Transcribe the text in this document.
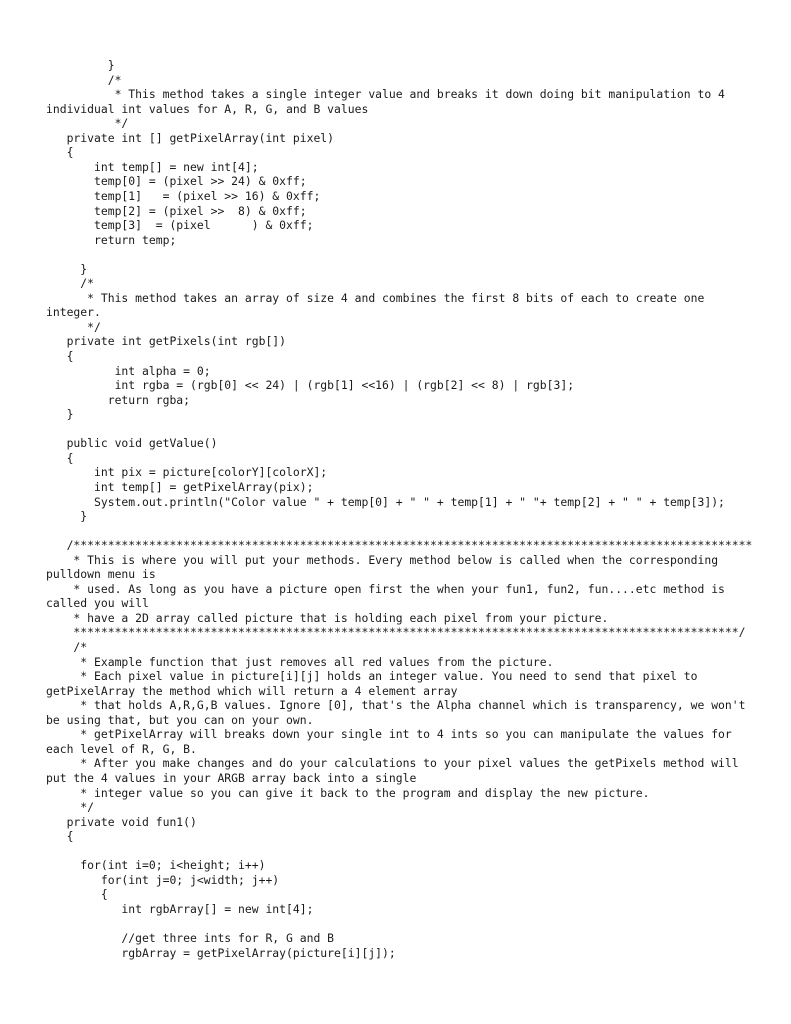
}
/*
* This method takes a single integer value and breaks it down doing bit manipulation to 4
individual int values for A, R, G, and B values
*/
private int [] getPixelArray(int pixel)
{
int temp[] = new int[4];
temp[0] = (pixel >> 24) & 0xff;
temp[1]   = (pixel >> 16) & 0xff;
temp[2] = (pixel >>  8) & 0xff;
temp[3]  = (pixel      ) & 0xff;
return temp;
}
/*
* This method takes an array of size 4 and combines the first 8 bits of each to create one
integer.
*/
private int getPixels(int rgb[])
{
int alpha = 0;
int rgba = (rgb[0] << 24) | (rgb[1] <<16) | (rgb[2] << 8) | rgb[3];
return rgba;
}
public void getValue()
{
int pix = picture[colorY][colorX];
int temp[] = getPixelArray(pix);
System.out.println("Color value " + temp[0] + " " + temp[1] + " "+ temp[2] + " " + temp[3]);
}
/***************************************************************************************************
* This is where you will put your methods. Every method below is called when the corresponding
pulldown menu is
* used. As long as you have a picture open first the when your fun1, fun2, fun....etc method is
called you will
* have a 2D array called picture that is holding each pixel from your picture.
*************************************************************************************************/
/*
* Example function that just removes all red values from the picture.
* Each pixel value in picture[i][j] holds an integer value. You need to send that pixel to
getPixelArray the method which will return a 4 element array
* that holds A,R,G,B values. Ignore [0], that's the Alpha channel which is transparency, we won't
be using that, but you can on your own.
* getPixelArray will breaks down your single int to 4 ints so you can manipulate the values for
each level of R, G, B.
* After you make changes and do your calculations to your pixel values the getPixels method will
put the 4 values in your ARGB array back into a single
* integer value so you can give it back to the program and display the new picture.
*/
private void fun1()
{
for(int i=0; i<height; i++)
for(int j=0; j<width; j++)
{
int rgbArray[] = new int[4];
//get three ints for R, G and B
rgbArray = getPixelArray(picture[i][j]);
